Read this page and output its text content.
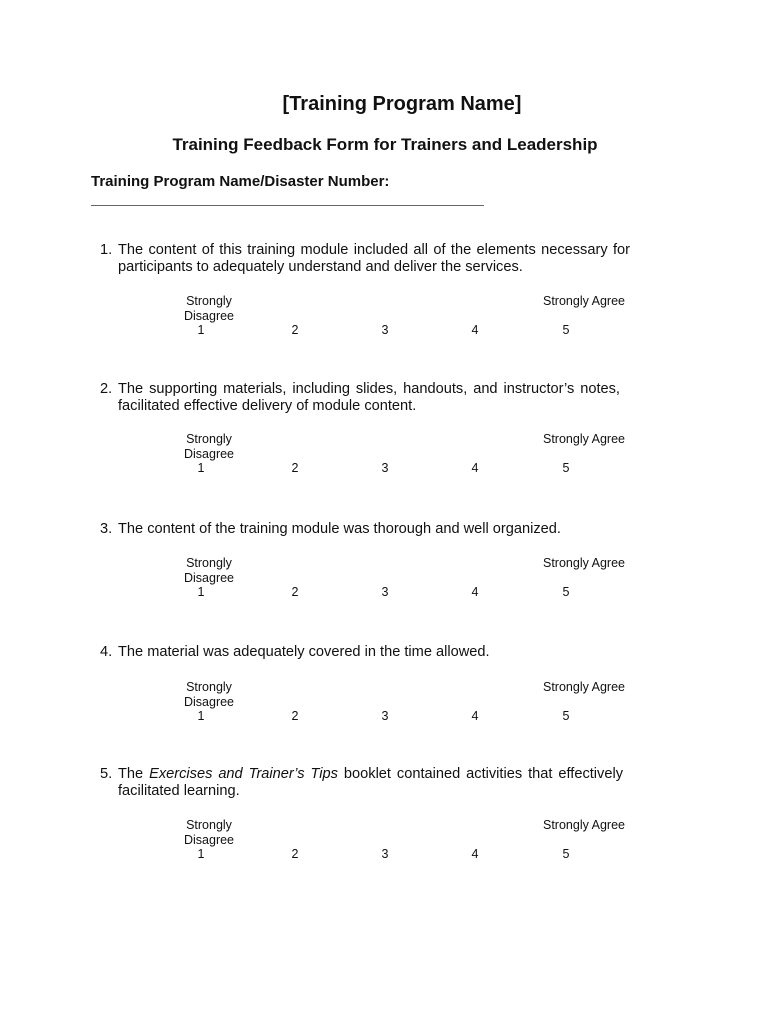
[Training Program Name]
Training Feedback Form for Trainers and Leadership
Training Program Name/Disaster Number:
1. The content of this training module included all of the elements necessary for participants to adequately understand and deliver the services.
Strongly
Disagree
Strongly Agree
1	2	3	4	5
2. The supporting materials, including slides, handouts, and instructor’s notes, facilitated effective delivery of module content.
Strongly
Disagree
Strongly Agree
1	2	3	4	5
3. The content of the training module was thorough and well organized.
Strongly
Disagree
Strongly Agree
1	2	3	4	5
4. The material was adequately covered in the time allowed.
Strongly
Disagree
Strongly Agree
1	2	3	4	5
5. The Exercises and Trainer’s Tips booklet contained activities that effectively facilitated learning.
Strongly
Disagree
Strongly Agree
1	2	3	4	5
